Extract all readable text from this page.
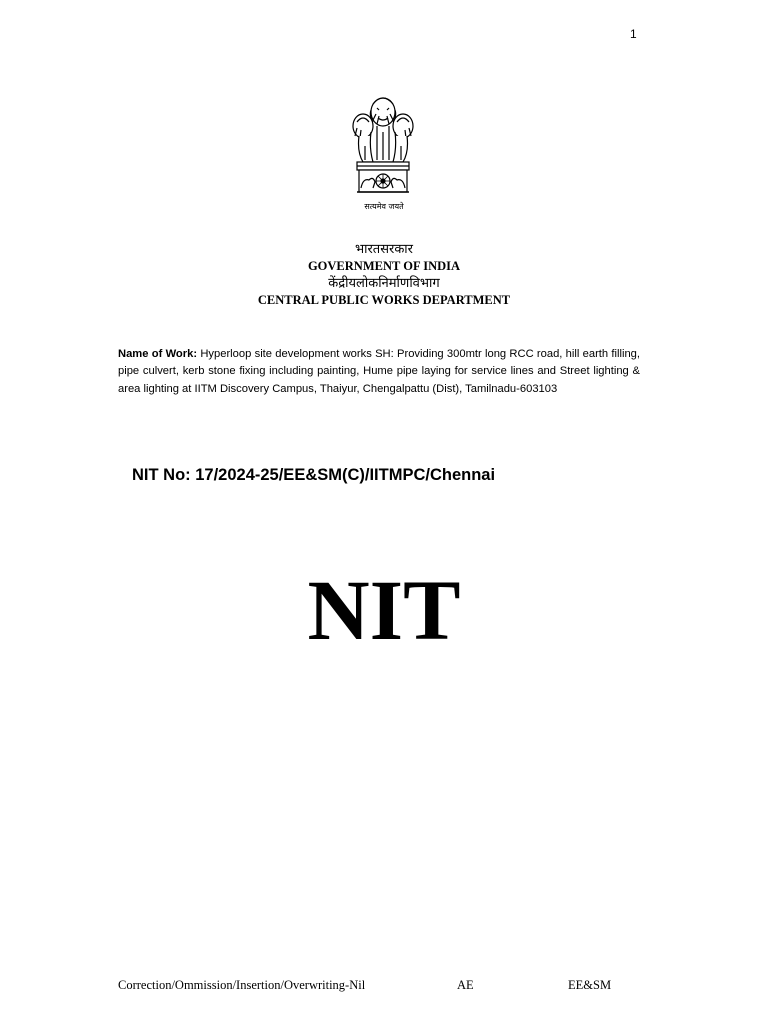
1
सत्यमेव जयते
भारतसरकार
GOVERNMENT OF INDIA
केंद्रीयलोकनिर्माणविभाग
CENTRAL PUBLIC WORKS DEPARTMENT
Name of Work: Hyperloop site development works SH: Providing 300mtr long RCC road, hill earth filling, pipe culvert, kerb stone fixing including painting, Hume pipe laying for service lines and Street lighting & area lighting at IITM Discovery Campus, Thaiyur, Chengalpattu (Dist), Tamilnadu-603103
NIT No: 17/2024-25/EE&SM(C)/IITMPC/Chennai
NIT
Correction/Ommission/Insertion/Overwriting-Nil	AE	EE&SM
